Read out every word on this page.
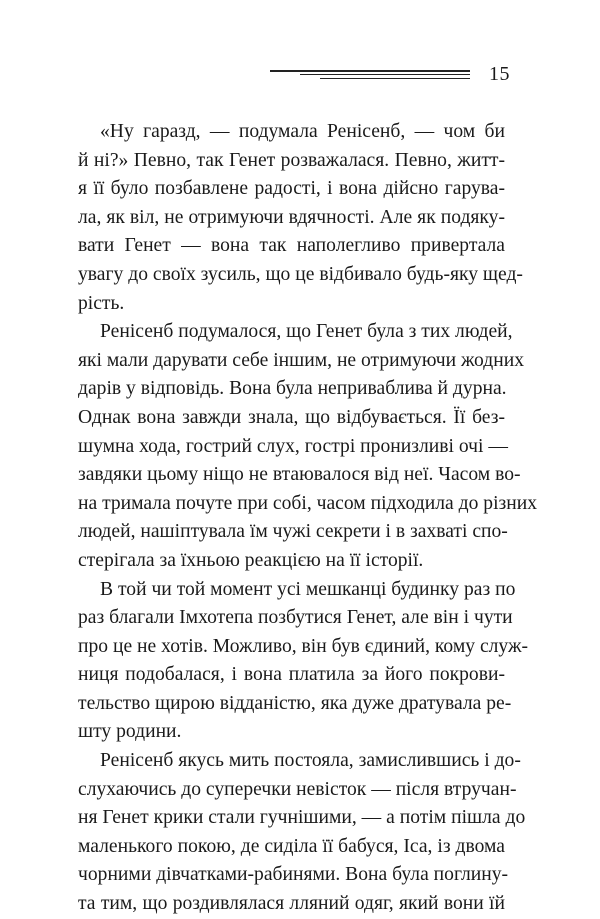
15

«Ну гаразд, — подумала Ренісенб, — чом би
й ні?» Певно, так Генет розважалася. Певно, житт-
я її було позбавлене радості, і вона дійсно гарува-
ла, як віл, не отримуючи вдячності. Але як подяку-
вати Генет — вона так наполегливо привертала
увагу до своїх зусиль, що це відбивало будь-яку щед-
рість.

Ренісенб подумалося, що Генет була з тих людей,
які мали дарувати себе іншим, не отримуючи жодних
дарів у відповідь. Вона була неприваблива й дурна.
Однак вона завжди знала, що відбувається. Її без-
шумна хода, гострий слух, гострі пронизливі очі —
завдяки цьому ніщо не втаювалося від неї. Часом во-
на тримала почуте при собі, часом підходила до різних
людей, нашіптувала їм чужі секрети і в захваті спо-
стерігала за їхньою реакцією на її історії.

В той чи той момент усі мешканці будинку раз по
раз благали Імхотепа позбутися Генет, але він і чути
про це не хотів. Можливо, він був єдиний, кому служ-
ниця подобалася, і вона платила за його покрови-
тельство щирою відданістю, яка дуже дратувала ре-
шту родини.

Ренісенб якусь мить постояла, замислившись і до-
слухаючись до суперечки невісток — після втручан-
ня Генет крики стали гучнішими, — а потім пішла до
маленького покою, де сиділа її бабуся, Іса, із двома
чорними дівчатками-рабинями. Вона була поглину-
та тим, що роздивлялася лляний одяг, який вони їй
